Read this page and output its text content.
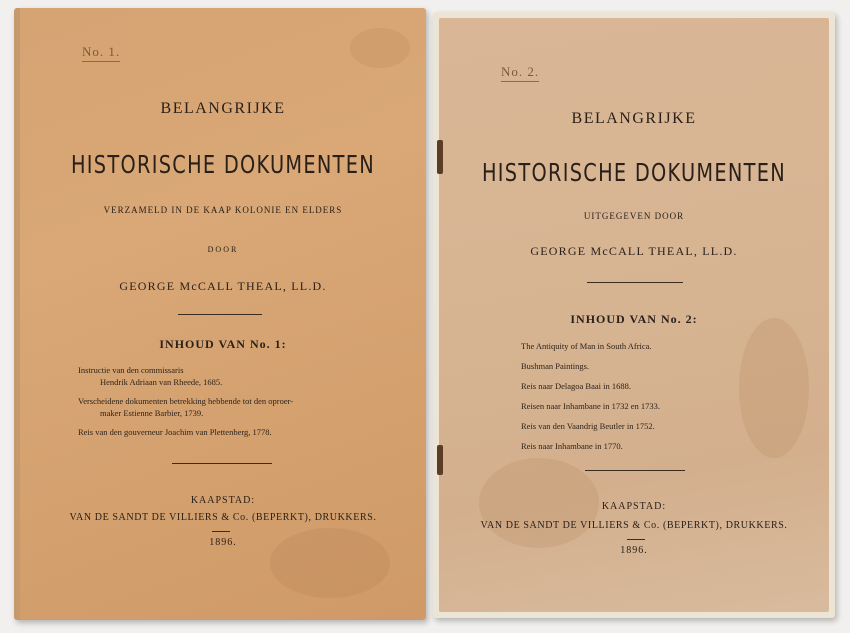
No. 1.
BELANGRIJKE
HISTORISCHE DOKUMENTEN
VERZAMELD IN DE KAAP KOLONIE EN ELDERS
DOOR
GEORGE McCALL THEAL, LL.D.
INHOUD VAN No. 1:
Instructie van den commissaris
Hendrik Adriaan van Rheede, 1685.
Verscheidene dokumenten betrekking hebbende tot den oproer-
maker Estienne Barbier, 1739.
Reis van den gouverneur Joachim van Plettenberg, 1778.
KAAPSTAD:
VAN DE SANDT DE VILLIERS & Co. (BEPERKT), DRUKKERS.
1896.
No. 2.
BELANGRIJKE
HISTORISCHE DOKUMENTEN
UITGEGEVEN DOOR
GEORGE McCALL THEAL, LL.D.
INHOUD VAN No. 2:
The Antiquity of Man in South Africa.
Bushman Paintings.
Reis naar Delagoa Baai in 1688.
Reisen naar Inhambane in 1732 en 1733.
Reis van den Vaandrig Beutler in 1752.
Reis naar Inhambane in 1770.
KAAPSTAD:
VAN DE SANDT DE VILLIERS & Co. (BEPERKT), DRUKKERS.
1896.
